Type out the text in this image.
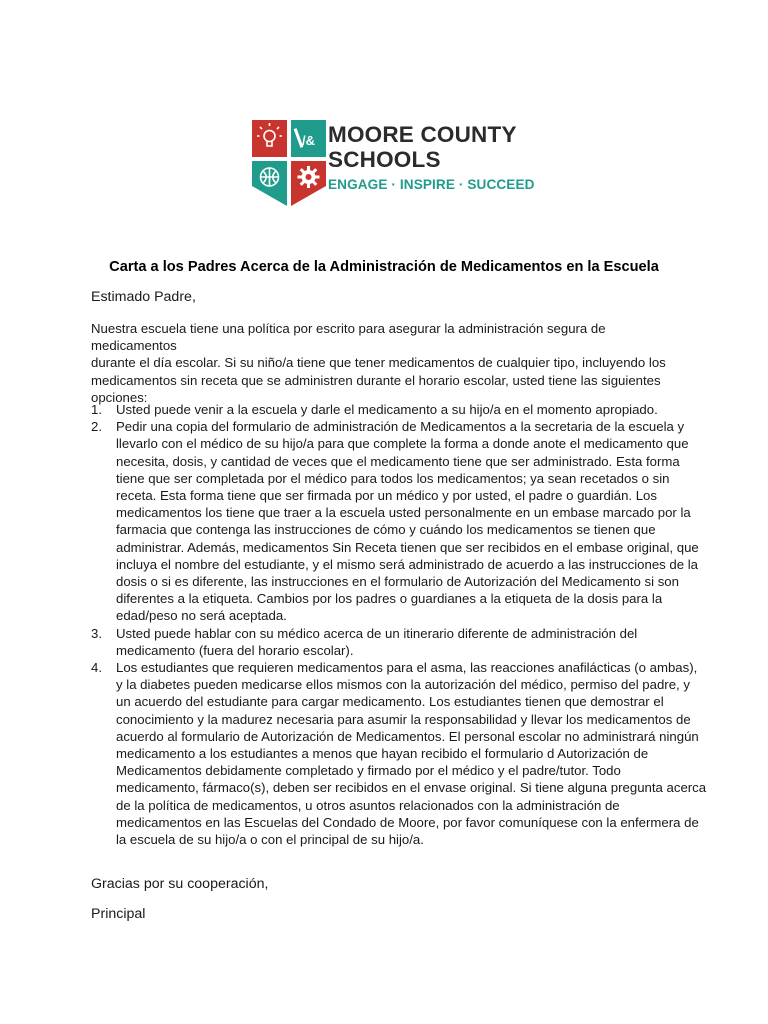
/& MOORE COUNTY
SCHOOLS
ENGAGE · INSPIRE · SUCCEED
Carta a los Padres Acerca de la Administración de Medicamentos en la Escuela
Estimado Padre,

Nuestra escuela tiene una política por escrito para asegurar la administración segura de medicamentos

durante el día escolar. Si su niño/a tiene que tener medicamentos de cualquier tipo, incluyendo los

medicamentos sin receta que se administren durante el horario escolar, usted tiene las siguientes

opciones:

1. Usted puede venir a la escuela y darle el medicamento a su hijo/a en el momento apropiado.
2. Pedir una copia del formulario de administración de Medicamentos a la secretaria de la escuela y
llevarlo con el médico de su hijo/a para que complete la forma a donde anote el medicamento que
necesita, dosis, y cantidad de veces que el medicamento tiene que ser administrado. Esta forma
tiene que ser completada por el médico para todos los medicamentos; ya sean recetados o sin
receta. Esta forma tiene que ser firmada por un médico y por usted, el padre o guardián. Los
medicamentos los tiene que traer a la escuela usted personalmente en un embase marcado por la
farmacia que contenga las instrucciones de cómo y cuándo los medicamentos se tienen que
administrar. Además, medicamentos Sin Receta tienen que ser recibidos en el embase original, que
incluya el nombre del estudiante, y el mismo será administrado de acuerdo a las instrucciones de la
dosis o si es diferente, las instrucciones en el formulario de Autorización del Medicamento si son
diferentes a la etiqueta. Cambios por los padres o guardianes a la etiqueta de la dosis para la
edad/peso no será aceptada.
3. Usted puede hablar con su médico acerca de un itinerario diferente de administración del
medicamento (fuera del horario escolar).
4. Los estudiantes que requieren medicamentos para el asma, las reacciones anafilácticas (o ambas),
y la diabetes pueden medicarse ellos mismos con la autorización del médico, permiso del padre, y
un acuerdo del estudiante para cargar medicamento. Los estudiantes tienen que demostrar el
conocimiento y la madurez necesaria para asumir la responsabilidad y llevar los medicamentos de
acuerdo al formulario de Autorización de Medicamentos. El personal escolar no administrará ningún
medicamento a los estudiantes a menos que hayan recibido el formulario d Autorización de
Medicamentos debidamente completado y firmado por el médico y el padre/tutor. Todo
medicamento, fármaco(s), deben ser recibidos en el envase original. Si tiene alguna pregunta acerca
de la política de medicamentos, u otros asuntos relacionados con la administración de
medicamentos en las Escuelas del Condado de Moore, por favor comuníquese con la enfermera de
la escuela de su hijo/a o con el principal de su hijo/a.
Gracias por su cooperación,
Principal
